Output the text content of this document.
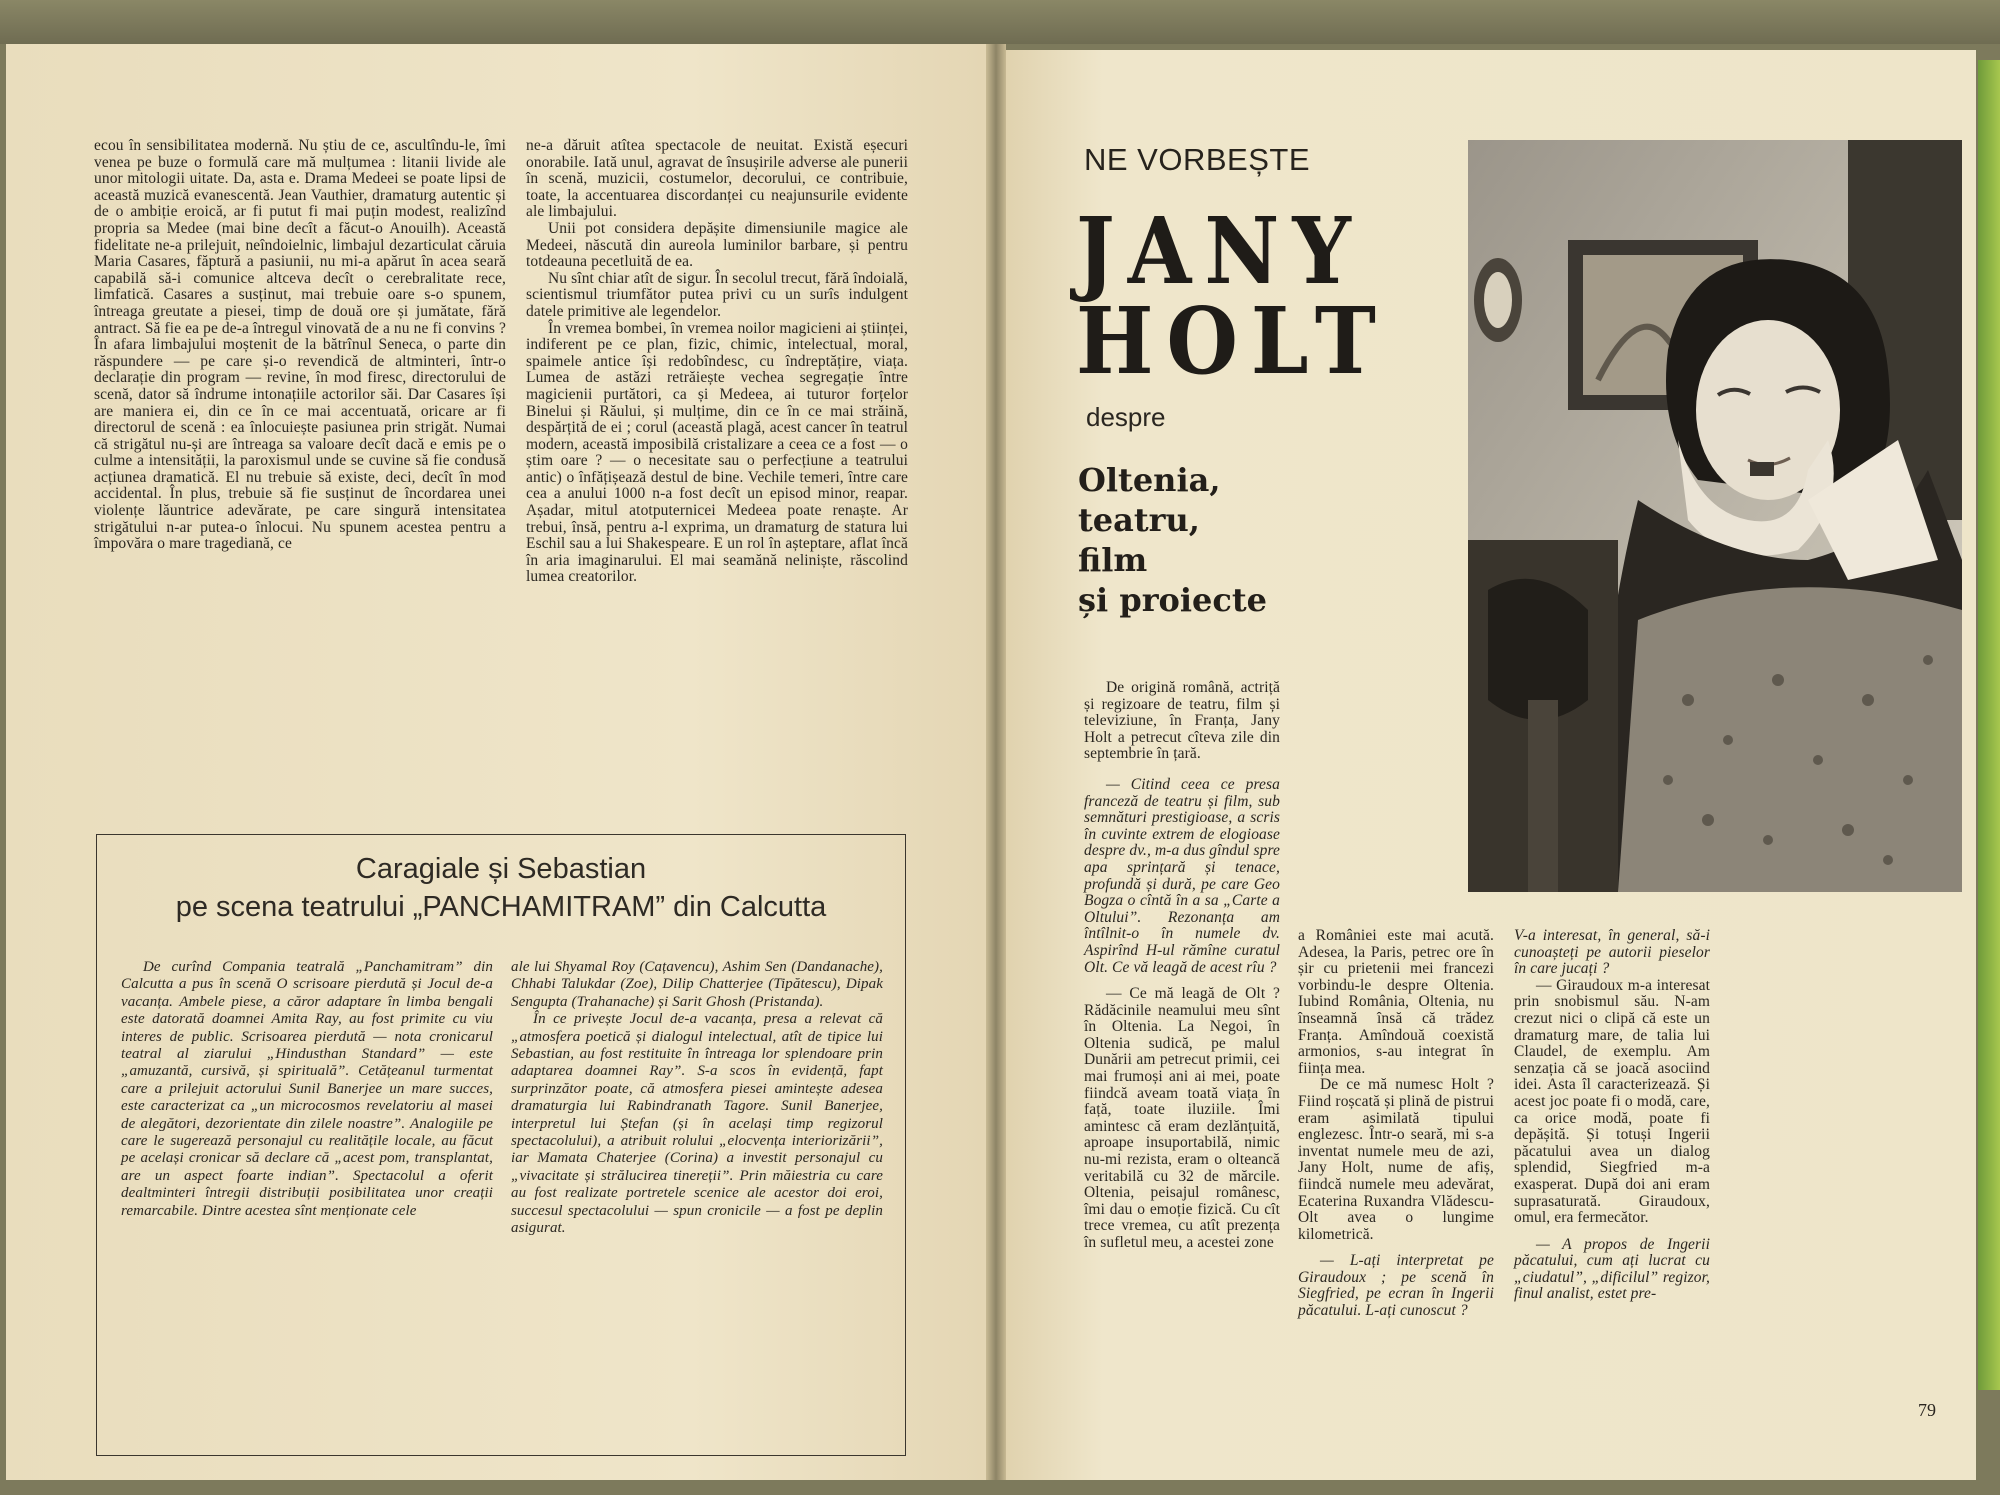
ecou în sensibilitatea modernă. Nu știu de ce, ascultîndu-le, îmi venea pe buze o formulă care mă mulțumea : litanii livide ale unor mitologii uitate. Da, asta e. Drama Medeei se poate lipsi de această muzică evanescentă. Jean Vauthier, dramaturg autentic și de o ambiție eroică, ar fi putut fi mai puțin modest, realizînd propria sa Medee (mai bine decît a făcut-o Anouilh). Această fidelitate ne-a prilejuit, neîndoielnic, limbajul dezarticulat căruia Maria Casares, făptură a pasiunii, nu mi-a apărut în acea seară capabilă să-i comunice altceva decît o cerebralitate rece, limfatică. Casares a susținut, mai trebuie oare s-o spunem, întreaga greutate a piesei, timp de două ore și jumătate, fără antract. Să fie ea pe de-a întregul vinovată de a nu ne fi convins ? În afara limbajului moștenit de la bătrînul Seneca, o parte din răspundere — pe care și-o revendică de altminteri, într-o declarație din program — revine, în mod firesc, directorului de scenă, dator să îndrume intonațiile actorilor săi. Dar Casares își are maniera ei, din ce în ce mai accentuată, oricare ar fi directorul de scenă : ea înlocuiește pasiunea prin strigăt. Numai că strigătul nu-și are întreaga sa valoare decît dacă e emis pe o culme a intensității, la paroxismul unde se cuvine să fie condusă acțiunea dramatică. El nu trebuie să existe, deci, decît în mod accidental. În plus, trebuie să fie susținut de încordarea unei violențe lăuntrice adevărate, pe care singură intensitatea strigătului n-ar putea-o înlocui. Nu spunem acestea pentru a împovăra o mare tragediană, ce

ne-a dăruit atîtea spectacole de neuitat. Există eșecuri onorabile. Iată unul, agravat de însușirile adverse ale punerii în scenă, muzicii, costumelor, decorului, ce contribuie, toate, la accentuarea discordanței cu neajunsurile evidente ale limbajului.

Unii pot considera depășite dimensiunile magice ale Medeei, născută din aureola luminilor barbare, și pentru totdeauna pecetluită de ea.

Nu sînt chiar atît de sigur. În secolul trecut, fără îndoială, scientismul triumfător putea privi cu un surîs indulgent datele primitive ale legendelor.

În vremea bombei, în vremea noilor magicieni ai științei, indiferent pe ce plan, fizic, chimic, intelectual, moral, spaimele antice își redobîndesc, cu îndreptățire, viața. Lumea de astăzi retrăiește vechea segregație între magicienii purtători, ca și Medeea, ai tuturor forțelor Binelui și Răului, și mulțime, din ce în ce mai străină, despărțită de ei ; corul (această plagă, acest cancer în teatrul modern, această imposibilă cristalizare a ceea ce a fost — o știm oare ? — o necesitate sau o perfecțiune a teatrului antic) o înfățișează destul de bine. Vechile temeri, între care cea a anului 1000 n-a fost decît un episod minor, reapar. Așadar, mitul atotputernicei Medeea poate renaște. Ar trebui, însă, pentru a-l exprima, un dramaturg de statura lui Eschil sau a lui Shakespeare. E un rol în așteptare, aflat încă în aria imaginarului. El mai seamănă neliniște, răscolind lumea creatorilor.

Caragiale și Sebastian
pe scena teatrului „PANCHAMITRAM” din Calcutta

De curînd Compania teatrală „Panchamitram” din Calcutta a pus în scenă O scrisoare pierdută și Jocul de-a vacanța. Ambele piese, a căror adaptare în limba bengali este datorată doamnei Amita Ray, au fost primite cu viu interes de public. Scrisoarea pierdută — nota cronicarul teatral al ziarului „Hindusthan Standard” — este „amuzantă, cursivă, și spirituală”. Cetățeanul turmentat care a prilejuit actorului Sunil Banerjee un mare succes, este caracterizat ca „un microcosmos revelatoriu al masei de alegători, dezorientate din zilele noastre”. Analogiile pe care le sugerează personajul cu realitățile locale, au făcut pe același cronicar să declare că „acest pom, transplantat, are un aspect foarte indian”. Spectacolul a oferit dealtminteri întregii distribuții posibilitatea unor creații remarcabile. Dintre acestea sînt menționate cele

ale lui Shyamal Roy (Cațavencu), Ashim Sen (Dandanache), Chhabi Talukdar (Zoe), Dilip Chatterjee (Tipătescu), Dipak Sengupta (Trahanache) și Sarit Ghosh (Pristanda).

În ce privește Jocul de-a vacanța, presa a relevat că „atmosfera poetică și dialogul intelectual, atît de tipice lui Sebastian, au fost restituite în întreaga lor splendoare prin adaptarea doamnei Ray”. S-a scos în evidență, fapt surprinzător poate, că atmosfera piesei amintește adesea dramaturgia lui Rabindranath Tagore. Sunil Banerjee, interpretul lui Ștefan (și în același timp regizorul spectacolului), a atribuit rolului „elocvența interiorizării”, iar Mamata Chaterjee (Corina) a investit personajul cu „vivacitate și strălucirea tinereții”. Prin măiestria cu care au fost realizate portretele scenice ale acestor doi eroi, succesul spectacolului — spun cronicile — a fost pe deplin asigurat.

NE VORBEȘTE
JANY
HOLT
despre
Oltenia,
teatru,
film
și proiecte

De origină română, actriță și regizoare de teatru, film și televiziune, în Franța, Jany Holt a petrecut cîteva zile din septembrie în țară.

— Citind ceea ce presa franceză de teatru și film, sub semnături prestigioase, a scris în cuvinte extrem de elogioase despre dv., m-a dus gîndul spre apa sprințară și tenace, profundă și dură, pe care Geo Bogza o cîntă în a sa „Carte a Oltului”. Rezonanța am întîlnit-o în numele dv. Aspirînd H-ul rămîne curatul Olt. Ce vă leagă de acest rîu ?

— Ce mă leagă de Olt ? Rădăcinile neamului meu sînt în Oltenia. La Negoi, în Oltenia sudică, pe malul Dunării am petrecut primii, cei mai frumoși ani ai mei, poate fiindcă aveam toată viața în față, toate iluziile. Îmi amintesc că eram dezlănțuită, aproape insuportabilă, nimic nu-mi rezista, eram o olteancă veritabilă cu 32 de mărcile. Oltenia, peisajul românesc, îmi dau o emoție fizică. Cu cît trece vremea, cu atît prezența în sufletul meu, a acestei zone

a României este mai acută. Adesea, la Paris, petrec ore în șir cu prietenii mei francezi vorbindu-le despre Oltenia. Iubind România, Oltenia, nu înseamnă însă că trădez Franța. Amîndouă coexistă armonios, s-au integrat în ființa mea.

De ce mă numesc Holt ? Fiind roșcată și plină de pistrui eram asimilată tipului englezesc. Într-o seară, mi s-a inventat numele meu de azi, Jany Holt, nume de afiș, fiindcă numele meu adevărat, Ecaterina Ruxandra Vlădescu-Olt avea o lungime kilometrică.

— L-ați interpretat pe Giraudoux ; pe scenă în Siegfried, pe ecran în Ingerii păcatului. L-ați cunoscut ?

V-a interesat, în general, să-i cunoașteți pe autorii pieselor în care jucați ?

— Giraudoux m-a interesat prin snobismul său. N-am crezut nici o clipă că este un dramaturg mare, de talia lui Claudel, de exemplu. Am senzația că se joacă asociind idei. Asta îl caracterizează. Și acest joc poate fi o modă, care, ca orice modă, poate fi depășită. Și totuși Ingerii păcatului avea un dialog splendid, Siegfried m-a exasperat. După doi ani eram suprasaturată. Giraudoux, omul, era fermecător.

— A propos de Ingerii păcatului, cum ați lucrat cu „ciudatul”, „dificilul” regizor, finul analist, estet pre-

79
